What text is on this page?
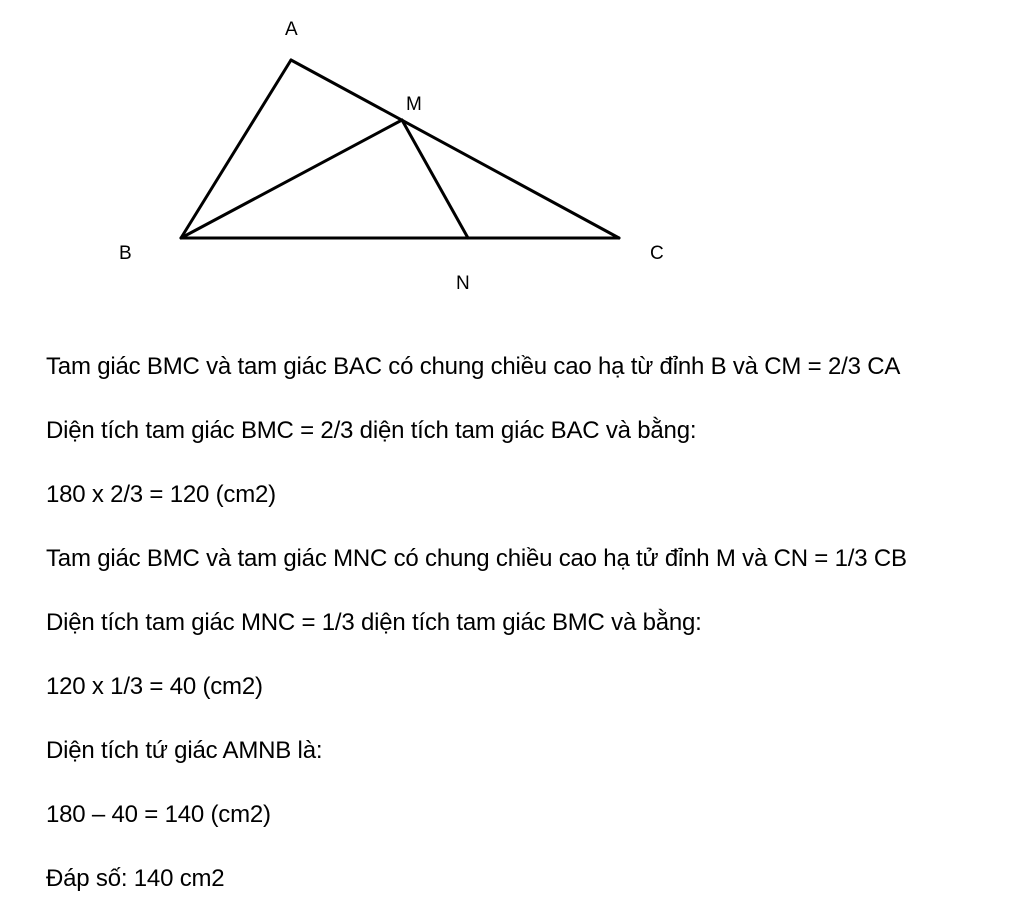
A
M
B	C
N
Tam giác BMC và tam giác BAC có chung chiều cao hạ từ đỉnh B và CM = 2/3 CA
Diện tích tam giác BMC = 2/3 diện tích tam giác BAC và bằng:
180 x 2/3 = 120 (cm2)
Tam giác BMC và tam giác MNC có chung chiều cao hạ tử đỉnh M và CN = 1/3 CB
Diện tích tam giác MNC = 1/3 diện tích tam giác BMC và bằng:
120 x 1/3 = 40 (cm2)
Diện tích tứ giác AMNB là:
180 – 40 = 140 (cm2)
Đáp số: 140 cm2
